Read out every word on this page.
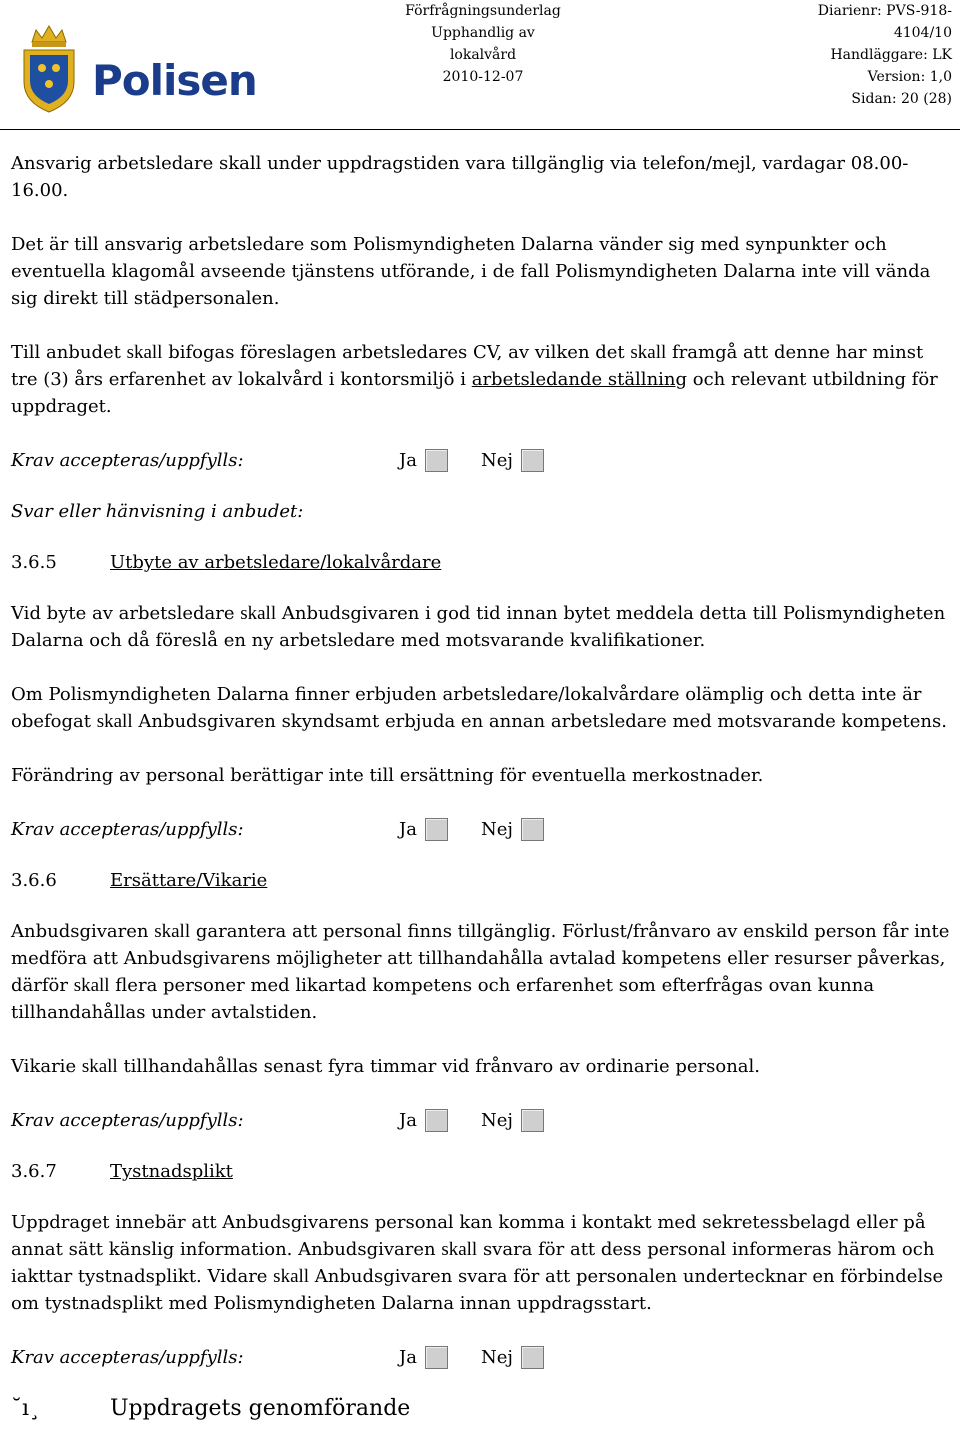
Polisen
Förfrågningsunderlag
Upphandlig av lokalvård
2010-12-07
Diarienr: PVS-918-4104/10
Handläggare: LK
Version: 1,0
Sidan: 20 (28)

Ansvarig arbetsledare skall under uppdragstiden vara tillgänglig via telefon/mejl, vardagar 08.00-16.00.

Det är till ansvarig arbetsledare som Polismyndigheten Dalarna vänder sig med synpunkter och eventuella klagomål avseende tjänstens utförande, i de fall Polismyndigheten Dalarna inte vill vända sig direkt till städpersonalen.

Till anbudet skall bifogas föreslagen arbetsledares CV, av vilken det skall framgå att denne har minst tre (3) års erfarenhet av lokalvård i kontorsmiljö i arbetsledande ställning och relevant utbildning för uppdraget.

Krav accepteras/uppfylls:	Ja	Nej
Svar eller hänvisning i anbudet:
3.6.5	Utbyte av arbetsledare/lokalvårdare

Vid byte av arbetsledare skall Anbudsgivaren i god tid innan bytet meddela detta till Polismyndigheten Dalarna och då föreslå en ny arbetsledare med motsvarande kvalifikationer.

Om Polismyndigheten Dalarna finner erbjuden arbetsledare/lokalvårdare olämplig och detta inte är obefogat skall Anbudsgivaren skyndsamt erbjuda en annan arbetsledare med motsvarande kompetens.

Förändring av personal berättigar inte till ersättning för eventuella merkostnader.

Krav accepteras/uppfylls:	Ja	Nej
3.6.6	Ersättare/Vikarie

Anbudsgivaren skall garantera att personal finns tillgänglig. Förlust/frånvaro av enskild person får inte medföra att Anbudsgivarens möjligheter att tillhandahålla avtalad kompetens eller resurser påverkas, därför skall flera personer med likartad kompetens och erfarenhet som efterfrågas ovan kunna tillhandahållas under avtalstiden.

Vikarie skall tillhandahållas senast fyra timmar vid frånvaro av ordinarie personal.

Krav accepteras/uppfylls:	Ja	Nej
3.6.7	Tystnadsplikt

Uppdraget innebär att Anbudsgivarens personal kan komma i kontakt med sekretessbelagd eller på annat sätt känslig information. Anbudsgivaren skall svara för att dess personal informeras härom och iakttar tystnadsplikt. Vidare skall Anbudsgivaren svara för att personalen undertecknar en förbindelse om tystnadsplikt med Polismyndigheten Dalarna innan uppdragsstart.

Krav accepteras/uppfylls:	Ja	Nej
˘ı¸	Uppdragets genomförande
